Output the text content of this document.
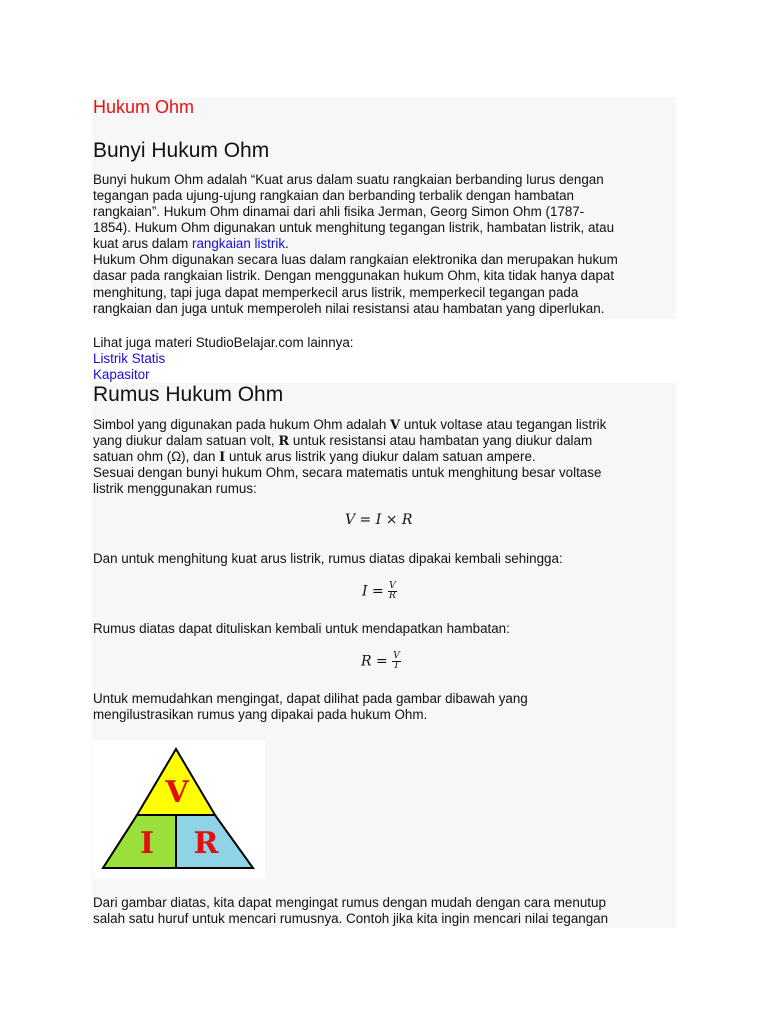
Hukum Ohm
Bunyi Hukum Ohm
Bunyi hukum Ohm adalah “Kuat arus dalam suatu rangkaian berbanding lurus dengan
tegangan pada ujung-ujung rangkaian dan berbanding terbalik dengan hambatan
rangkaian”. Hukum Ohm dinamai dari ahli fisika Jerman, Georg Simon Ohm (1787-
1854). Hukum Ohm digunakan untuk menghitung tegangan listrik, hambatan listrik, atau
kuat arus dalam rangkaian listrik.
Hukum Ohm digunakan secara luas dalam rangkaian elektronika dan merupakan hukum
dasar pada rangkaian listrik. Dengan menggunakan hukum Ohm, kita tidak hanya dapat
menghitung, tapi juga dapat memperkecil arus listrik, memperkecil tegangan pada
rangkaian dan juga untuk memperoleh nilai resistansi atau hambatan yang diperlukan.
Lihat juga materi StudioBelajar.com lainnya:
Listrik Statis
Kapasitor
Rumus Hukum Ohm
Simbol yang digunakan pada hukum Ohm adalah V untuk voltase atau tegangan listrik
yang diukur dalam satuan volt, R untuk resistansi atau hambatan yang diukur dalam
satuan ohm (Ω), dan I untuk arus listrik yang diukur dalam satuan ampere.
Sesuai dengan bunyi hukum Ohm, secara matematis untuk menghitung besar voltase
listrik menggunakan rumus:
V = I × R
Dan untuk menghitung kuat arus listrik, rumus diatas dipakai kembali sehingga:
$I = \frac{V}{R}$
Rumus diatas dapat dituliskan kembali untuk mendapatkan hambatan:
$R = \frac{V}{I}$
Untuk memudahkan mengingat, dapat dilihat pada gambar dibawah yang
mengilustrasikan rumus yang dipakai pada hukum Ohm.
V
I R
Dari gambar diatas, kita dapat mengingat rumus dengan mudah dengan cara menutup
salah satu huruf untuk mencari rumusnya. Contoh jika kita ingin mencari nilai tegangan
